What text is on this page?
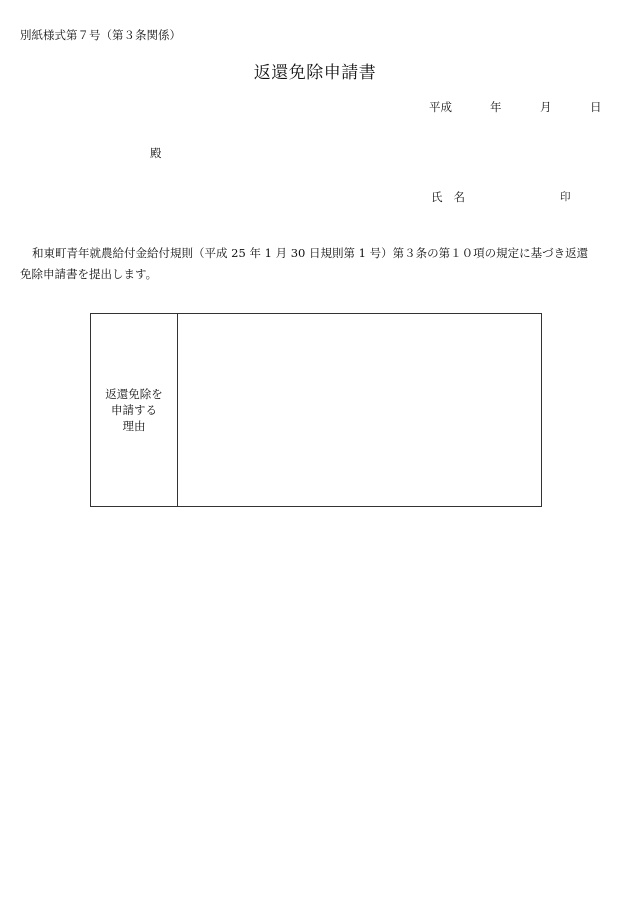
別紙様式第７号（第３条関係）
返還免除申請書
平成	年	月	日
殿
氏名	印
和東町青年就農給付金給付規則（平成 25 年 1 月 30 日規則第 1 号）第３条の第１０項の規定に基づき返還
免除申請書を提出します。
返還免除を
申請する
理由
